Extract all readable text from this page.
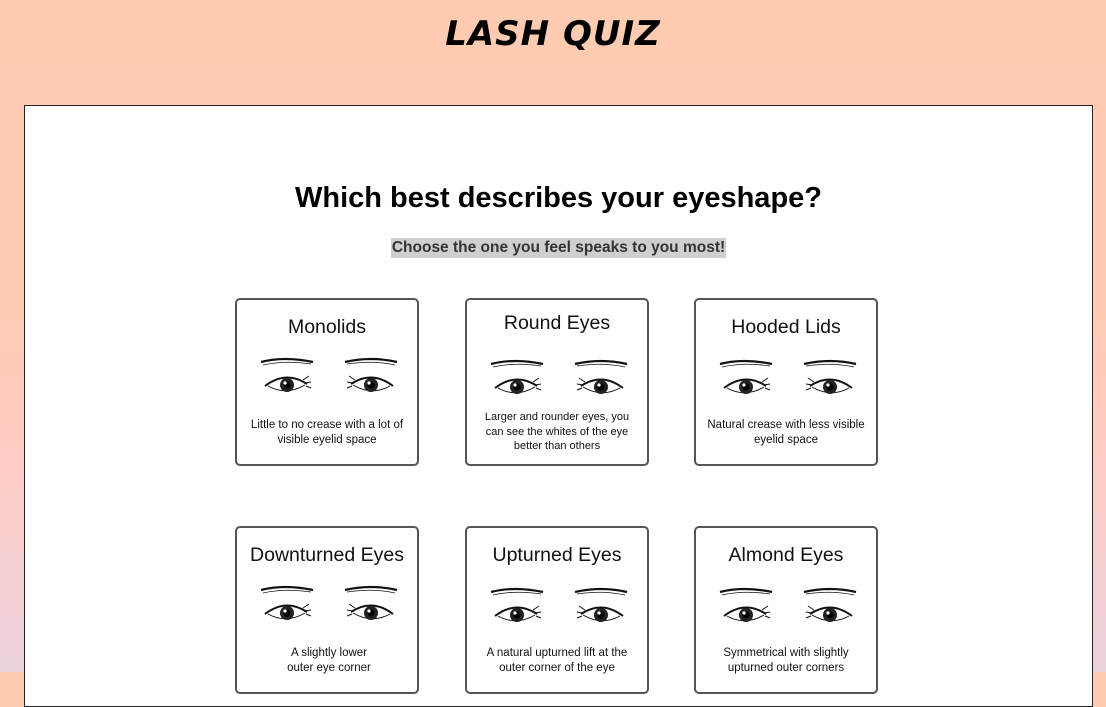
LASH QUIZ
Which best describes your eyeshape?
Choose the one you feel speaks to you most!
Monolids
Little to no crease with a lot of visible eyelid space
Round Eyes
Larger and rounder eyes, you can see the whites of the eye better than others
Hooded Lids
Natural crease with less visible eyelid space
Downturned Eyes
A slightly lower outer eye corner
Upturned Eyes
A natural upturned lift at the outer corner of the eye
Almond Eyes
Symmetrical with slightly upturned outer corners
